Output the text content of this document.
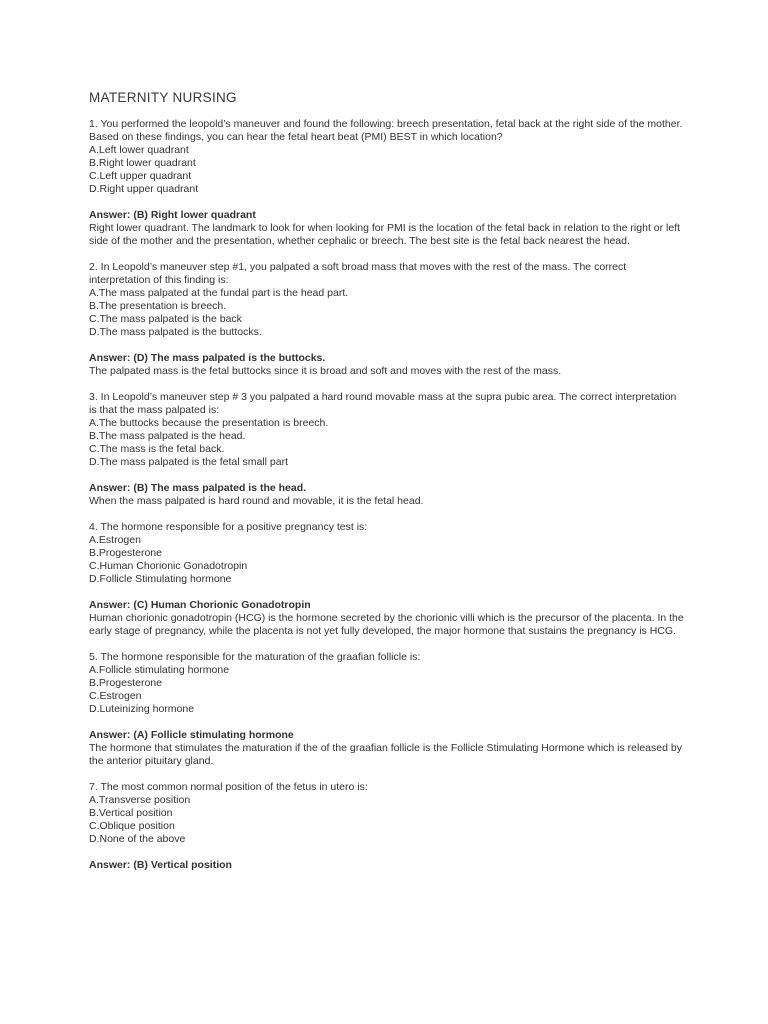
MATERNITY NURSING
1. You performed the leopold’s maneuver and found the following: breech presentation, fetal back at the right side of the mother. Based on these findings, you can hear the fetal heart beat (PMI) BEST in which location?
A.Left lower quadrant
B.Right lower quadrant
C.Left upper quadrant
D.Right upper quadrant
Answer: (B) Right lower quadrant
Right lower quadrant. The landmark to look for when looking for PMI is the location of the fetal back in relation to the right or left side of the mother and the presentation, whether cephalic or breech. The best site is the fetal back nearest the head.
2. In Leopold’s maneuver step #1, you palpated a soft broad mass that moves with the rest of the mass. The correct interpretation of this finding is:
A.The mass palpated at the fundal part is the head part.
B.The presentation is breech.
C.The mass palpated is the back
D.The mass palpated is the buttocks.
Answer: (D) The mass palpated is the buttocks.
The palpated mass is the fetal buttocks since it is broad and soft and moves with the rest of the mass.
3. In Leopold’s maneuver step # 3 you palpated a hard round movable mass at the supra pubic area. The correct interpretation is that the mass palpated is:
A.The buttocks because the presentation is breech.
B.The mass palpated is the head.
C.The mass is the fetal back.
D.The mass palpated is the fetal small part
Answer: (B) The mass palpated is the head.
When the mass palpated is hard round and movable, it is the fetal head.
4. The hormone responsible for a positive pregnancy test is:
A.Estrogen
B.Progesterone
C.Human Chorionic Gonadotropin
D.Follicle Stimulating hormone
Answer: (C) Human Chorionic Gonadotropin
Human chorionic gonadotropin (HCG) is the hormone secreted by the chorionic villi which is the precursor of the placenta. In the early stage of pregnancy, while the placenta is not yet fully developed, the major hormone that sustains the pregnancy is HCG.
5. The hormone responsible for the maturation of the graafian follicle is:
A.Follicle stimulating hormone
B.Progesterone
C.Estrogen
D.Luteinizing hormone
Answer: (A) Follicle stimulating hormone
The hormone that stimulates the maturation if the of the graafian follicle is the Follicle Stimulating Hormone which is released by the anterior pituitary gland.
7. The most common normal position of the fetus in utero is:
A.Transverse position
B.Vertical position
C.Oblique position
D.None of the above
Answer: (B) Vertical position
